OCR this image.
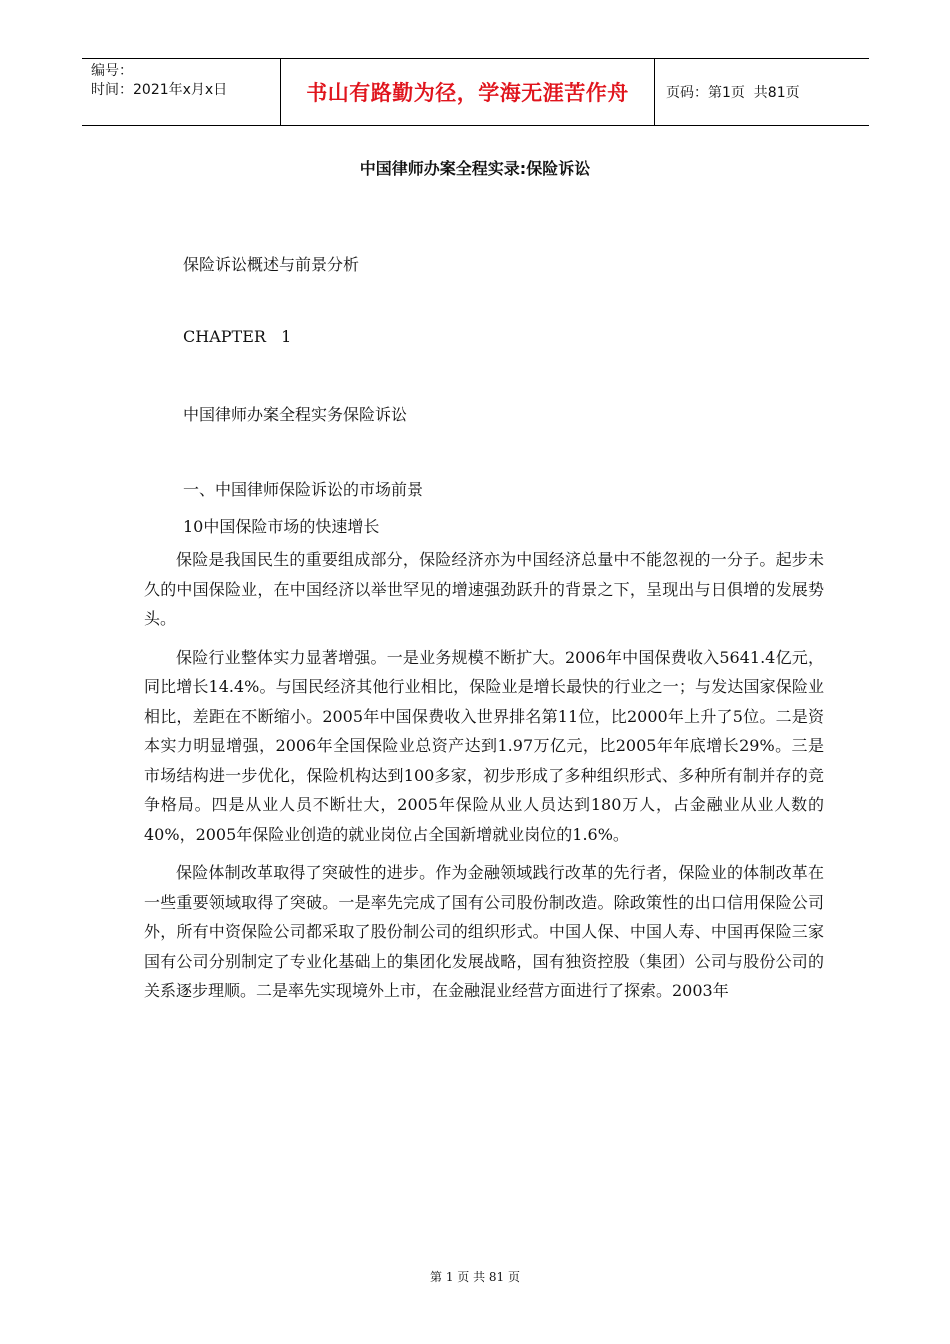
编号：
时间：2021年x月x日	书山有路勤为径，学海无涯苦作舟	页码：第1页  共81页
中国律师办案全程实录:保险诉讼
保险诉讼概述与前景分析
CHAPTER   1
中国律师办案全程实务保险诉讼
一、中国律师保险诉讼的市场前景
10中国保险市场的快速增长

保险是我国民生的重要组成部分，保险经济亦为中国经济总量中不能忽视的一分子。起步未久的中国保险业，在中国经济以举世罕见的增速强劲跃升的背景之下，呈现出与日俱增的发展势头。

保险行业整体实力显著增强。一是业务规模不断扩大。2006年中国保费收入5641.4亿元，同比增长14.4%。与国民经济其他行业相比，保险业是增长最快的行业之一；与发达国家保险业相比，差距在不断缩小。2005年中国保费收入世界排名第11位，比2000年上升了5位。二是资本实力明显增强，2006年全国保险业总资产达到1.97万亿元，比2005年年底增长29%。三是市场结构进一步优化，保险机构达到100多家，初步形成了多种组织形式、多种所有制并存的竞争格局。四是从业人员不断壮大，2005年保险从业人员达到180万人，占金融业从业人数的40%，2005年保险业创造的就业岗位占全国新增就业岗位的1.6%。

保险体制改革取得了突破性的进步。作为金融领域践行改革的先行者，保险业的体制改革在一些重要领域取得了突破。一是率先完成了国有公司股份制改造。除政策性的出口信用保险公司外，所有中资保险公司都采取了股份制公司的组织形式。中国人保、中国人寿、中国再保险三家国有公司分别制定了专业化基础上的集团化发展战略，国有独资控股（集团）公司与股份公司的关系逐步理顺。二是率先实现境外上市，在金融混业经营方面进行了探索。2003年

第 1 页 共 81 页
